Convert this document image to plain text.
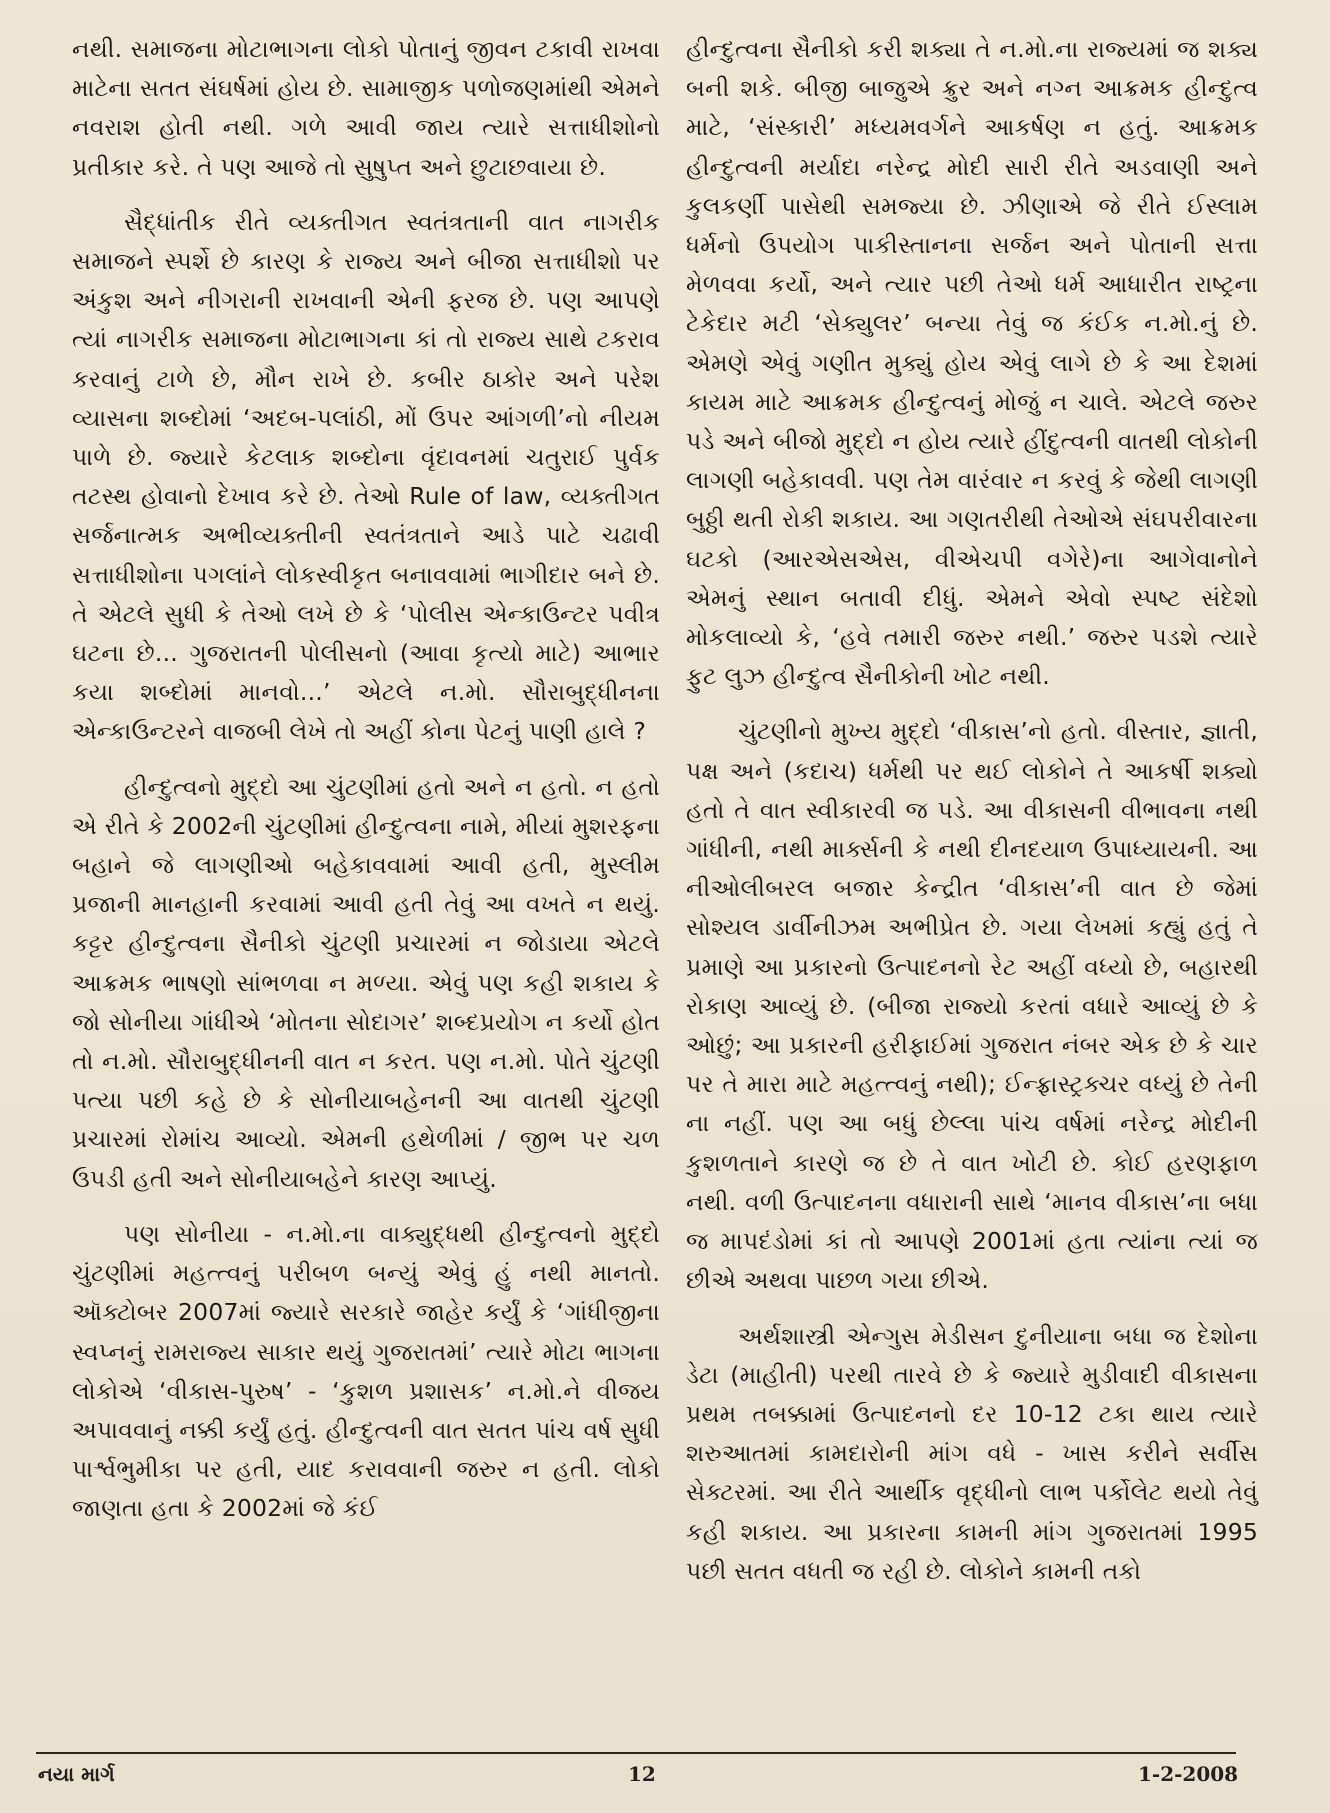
નથી. સમાજના મોટાભાગના લોકો પોતાનું જીવન ટકાવી રાખવા માટેના સતત સંઘર્ષમાં હોય છે. સામાજીક પળોજણમાંથી એમને નવરાશ હોતી નથી. ગળે આવી જાય ત્યારે સત્તાધીશોનો પ્રતીકાર કરે. તે પણ આજે તો સુષુપ્ત અને છુટાછવાયા છે.

સૈદ્ધાંતીક રીતે વ્યક્તીગત સ્વતંત્રતાની વાત નાગરીક સમાજને સ્પર્શે છે કારણ કે રાજ્ય અને બીજા સત્તાધીશો પર અંકુશ અને નીગરાની રાખવાની એની ફરજ છે. પણ આપણે ત્યાં નાગરીક સમાજના મોટાભાગના કાં તો રાજ્ય સાથે ટકરાવ કરવાનું ટાળે છે, મૌન રાખે છે. કબીર ઠાકોર અને પરેશ વ્યાસના શબ્દોમાં ‘અદબ-પલાંઠી, મોં ઉપર આંગળી’નો નીયમ પાળે છે. જ્યારે કેટલાક શબ્દોના વૃંદાવનમાં ચતુરાઈ પુર્વક તટસ્થ હોવાનો દેખાવ કરે છે. તેઓ Rule of law, વ્યક્તીગત સર્જનાત્મક અભીવ્યક્તીની સ્વતંત્રતાને આડે પાટે ચઢાવી સત્તાધીશોના પગલાંને લોકસ્વીકૃત બનાવવામાં ભાગીદાર બને છે. તે એટલે સુધી કે તેઓ લખે છે કે ‘પોલીસ એન્કાઉન્ટર પવીત્ર ઘટના છે... ગુજરાતની પોલીસનો (આવા કૃત્યો માટે) આભાર કયા શબ્દોમાં માનવો...’ એટલે ન.મો. સૌરાબુદ્ધીનના એન્કાઉન્ટરને વાજબી લેખે તો અહીં કોના પેટનું પાણી હાલે ?

હીન્દુત્વનો મુદ્દો આ ચુંટણીમાં હતો અને ન હતો. ન હતો એ રીતે કે 2002ની ચુંટણીમાં હીન્દુત્વના નામે, મીયાં મુશરફના બહાને જે લાગણીઓ બહેકાવવામાં આવી હતી, મુસ્લીમ પ્રજાની માનહાની કરવામાં આવી હતી તેવું આ વખતે ન થયું. કટ્ટર હીન્દુત્વના સૈનીકો ચુંટણી પ્રચારમાં ન જોડાયા એટલે આક્રમક ભાષણો સાંભળવા ન મળ્યા. એવું પણ કહી શકાય કે જો સોનીયા ગાંધીએ ‘મોતના સોદાગર’ શબ્દપ્રયોગ ન કર્યો હોત તો ન.મો. સૌરાબુદ્ધીનની વાત ન કરત. પણ ન.મો. પોતે ચુંટણી પત્યા પછી કહે છે કે સોનીયાબહેનની આ વાતથી ચુંટણી પ્રચારમાં રોમાંચ આવ્યો. એમની હથેળીમાં / જીભ પર ચળ ઉપડી હતી અને સોનીયાબહેને કારણ આપ્યું.

પણ સોનીયા - ન.મો.ના વાક્યુદ્ધથી હીન્દુત્વનો મુદ્દો ચુંટણીમાં મહત્ત્વનું પરીબળ બન્યું એવું હું નથી માનતો. ઑક્ટોબર 2007માં જ્યારે સરકારે જાહેર કર્યું કે ‘ગાંધીજીના સ્વપ્નનું રામરાજ્ય સાકાર થયું ગુજરાતમાં’ ત્યારે મોટા ભાગના લોકોએ ‘વીકાસ-પુરુષ’ - ‘કુશળ પ્રશાસક’ ન.મો.ને વીજય અપાવવાનું નક્કી કર્યું હતું. હીન્દુત્વની વાત સતત પાંચ વર્ષ સુધી પાર્શ્વભુમીકા પર હતી, યાદ કરાવવાની જરુર ન હતી. લોકો જાણતા હતા કે 2002માં જે કંઈ

હીન્દુત્વના સૈનીકો કરી શક્યા તે ન.મો.ના રાજ્યમાં જ શક્ય બની શકે. બીજી બાજુએ ક્રુર અને નગ્ન આક્રમક હીન્દુત્વ માટે, ‘સંસ્કારી’ મધ્યમવર્ગને આકર્ષણ ન હતું. આક્રમક હીન્દુત્વની મર્યાદા નરેન્દ્ર મોદી સારી રીતે અડવાણી અને કુલકર્ણી પાસેથી સમજ્યા છે. ઝીણાએ જે રીતે ઈસ્લામ ધર્મનો ઉપયોગ પાકીસ્તાનના સર્જન અને પોતાની સત્તા મેળવવા કર્યો, અને ત્યાર પછી તેઓ ધર્મ આધારીત રાષ્ટ્રના ટેકેદાર મટી ‘સેક્યુલર’ બન્યા તેવું જ કંઈક ન.મો.નું છે. એમણે એવું ગણીત મુક્યું હોય એવું લાગે છે કે આ દેશમાં કાયમ માટે આક્રમક હીન્દુત્વનું મોજું ન ચાલે. એટલે જરુર પડે અને બીજો મુદ્દો ન હોય ત્યારે હીંદુત્વની વાતથી લોકોની લાગણી બહેકાવવી. પણ તેમ વારંવાર ન કરવું કે જેથી લાગણી બુઠ્ઠી થતી રોકી શકાય. આ ગણતરીથી તેઓએ સંઘપરીવારના ઘટકો (આરએસએસ, વીએચપી વગેરે)ના આગેવાનોને એમનું સ્થાન બતાવી દીધું. એમને એવો સ્પષ્ટ સંદેશો મોકલાવ્યો કે, ‘હવે તમારી જરુર નથી.’ જરુર પડશે ત્યારે ફુટ લુઝ હીન્દુત્વ સૈનીકોની ખોટ નથી.

ચુંટણીનો મુખ્ય મુદ્દો ‘વીકાસ’નો હતો. વીસ્તાર, જ્ઞાતી, પક્ષ અને (કદાચ) ધર્મથી પર થઈ લોકોને તે આકર્ષી શક્યો હતો તે વાત સ્વીકારવી જ પડે. આ વીકાસની વીભાવના નથી ગાંધીની, નથી માર્ક્સની કે નથી દીનદયાળ ઉપાધ્યાયની. આ નીઓલીબરલ બજાર કેન્દ્રીત ‘વીકાસ’ની વાત છે જેમાં સોશ્યલ ડાર્વીનીઝમ અભીપ્રેત છે. ગયા લેખમાં કહ્યું હતું તે પ્રમાણે આ પ્રકારનો ઉત્પાદનનો રેટ અહીં વધ્યો છે, બહારથી રોકાણ આવ્યું છે. (બીજા રાજ્યો કરતાં વધારે આવ્યું છે કે ઓછું; આ પ્રકારની હરીફાઈમાં ગુજરાત નંબર એક છે કે ચાર પર તે મારા માટે મહત્ત્વનું નથી); ઈન્ફ્રાસ્ટ્રક્ચર વધ્યું છે તેની ના નહીં. પણ આ બધું છેલ્લા પાંચ વર્ષમાં નરેન્દ્ર મોદીની કુશળતાને કારણે જ છે તે વાત ખોટી છે. કોઈ હરણફાળ નથી. વળી ઉત્પાદનના વધારાની સાથે ‘માનવ વીકાસ’ના બધા જ માપદંડોમાં કાં તો આપણે 2001માં હતા ત્યાંના ત્યાં જ છીએ અથવા પાછળ ગયા છીએ.

અર્થશાસ્ત્રી એન્ગુસ મેડીસન દુનીયાના બધા જ દેશોના ડેટા (માહીતી) પરથી તારવે છે કે જ્યારે મુડીવાદી વીકાસના પ્રથમ તબક્કામાં ઉત્પાદનનો દર 10-12 ટકા થાય ત્યારે શરુઆતમાં કામદારોની માંગ વધે - ખાસ કરીને સર્વીસ સેક્ટરમાં. આ રીતે આર્થીક વૃદ્ધીનો લાભ પર્કોલેટ થયો તેવું કહી શકાય. આ પ્રકારના કામની માંગ ગુજરાતમાં 1995 પછી સતત વધતી જ રહી છે. લોકોને કામની તકો

નયા માર્ગ	12	1-2-2008
